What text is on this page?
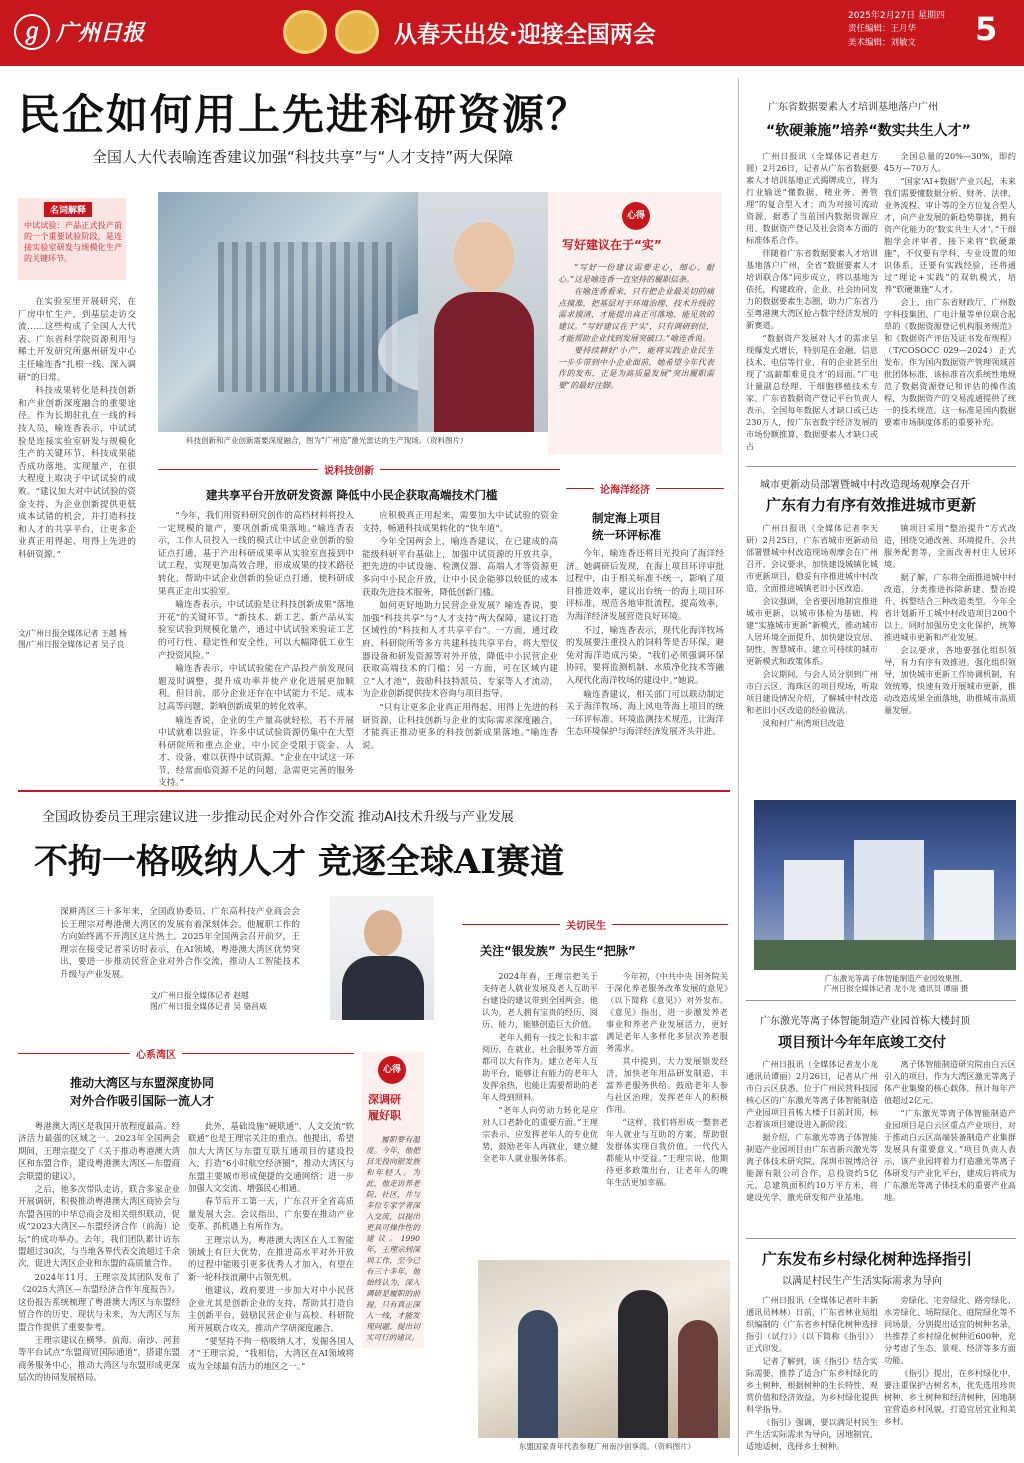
ℊ 广州日报	从春天出发·迎接全国两会
2025年2月27日 星期四
责任编辑：王月华
美术编辑：刘敏文 5
民企如何用上先进科研资源？
全国人大代表喻连香建议加强“科技共享”与“人才支持”两大保障
名词解释
中试试验：产品正式投产前的一个重要试验阶段，是连接实验室研发与规模化生产的关键环节。

在实验室里开展研究，在厂房中忙生产，到基层走访交流……这些构成了全国人大代表、广东省科学院资源利用与稀土开发研究所惠州研发中心主任喻连香“扎根一线、深入调研”的日常。

科技成果转化是科技创新和产业创新深度融合的重要途径。作为长期驻扎在一线的科技人员，喻连香表示，中试试验是连接实验室研发与规模化生产的关键环节，科技成果能否成功落地，实现量产，在很大程度上取决于中试试验的成败。“建议加大对中试试验的资金支持，为企业创新提供更低成本试错的机会，并打造科技和人才的共享平台，让更多企业真正用得起、用得上先进的科研资源。”

文/广州日报全媒体记者 王越 杨
图/广州日报全媒体记者 吴子良
科技创新和产业创新需要深度融合，图为“广州造”激光雷达的生产现场。（资料图片）
心得
写好建议在于“实”

“写好一份建议需要走心、细心、耐心。”这是喻连香一直坚持的履职信条。

在喻连香看来，只有把企业最关切的痛点摸准，把基层对于环境治理、技术升级的需求摸清，才能提出真正可落地、能见效的建议。“写好建议在于‘实’，只有调研到位，才能帮助企业找到发展突破口。”喻连香说。

要持续耕好'小产'，能将实践企业民生一步步带到中小企业面前，她希望今年代表作的发布，正是为高质量发展“突出履职需要”的最好注脚。

说科技创新
建共享平台开放研发资源 降低中小民企获取高端技术门槛

“今年，我们用资料研究创作的高档材料将投入一定规模的量产，要巩创新成果落地。”喻连香表示，工作人员投入一线的模式让中试企业创新的验证点打通，基于产出科研成果率从实验室直接到中试工程，实现更加高效合理，形成成果的技术路径转化，帮助中试企业创新的验证点打通，使科研成果真正走出实验室。

喻连香表示，中试试验是让科技创新成果“落地开花”的关键环节。“新技术、新工艺、新产品从实验室试验到规模化量产，通过中试试验来验证工艺的可行性、稳定性和安全性，可以大幅降低工业生产投资风险。”

喻连香表示，中试试验能在产品投产前发现问题及时调整，提升成功率并使产业化进展更加顺利。但目前，部分企业还存在中试能力不足、成本过高等问题，影响创新成果的转化效率。

喻连香说，企业的生产量高就轻松，若不开展中试就难以验证，许多中试试验资源仍集中在大型科研院所和重点企业，中小民企受限于资金、人才、设备，难以获得中试资源。“企业在中试这一环节，经常面临资源不足的问题，急需更完善的服务支持。”

应积极真正用起来，需要加大中试试验的资金支持，畅通科技成果转化的“快车道”。

今年全国两会上，喻连香建议，在已建成的高能级科研平台基础上，加强中试资源的开放共享，把先进的中试设施、检测仪器、高端人才等资源更多向中小民企开放，让中小民企能够以较低的成本获取先进技术服务，降低创新门槛。

如何更好地助力民营企业发展？喻连香说，要加强“科技共享”与“人才支持”两大保障，建议打造区域性的“科技和人才共享平台”。一方面，通过政府、科研院所等多方共建科技共享平台，将大型仪器设备和研发资源等对外开放，降低中小民营企业获取高端技术的门槛；另一方面，可在区域内建立“人才池”，鼓励科技特派员、专家等人才流动，为企业创新提供技术咨询与项目指导。

“只有让更多企业真正用得起、用得上先进的科研资源，让科技创新与企业的实际需求深度融合，才能真正推动更多的科技创新成果落地。”喻连香说。

论海洋经济
制定海上项目
统一环评标准

今年，喻连香还将目光投向了海洋经济。她调研后发现，在海上项目环评审批过程中，由于相关标准不统一，影响了项目推进效率，建议出台统一的海上项目环评标准，规范各地审批流程，提高效率，为海洋经济发展营造良好环境。

不过，喻连香表示，现代化海洋牧场的发展要注重投入的饲料等是否环保，避免对海洋造成污染。“我们必须强调环保协同，要将监测机制、水质净化技术等融入现代化海洋牧场的建设中。”她说。

喻连香建议，相关部门可以联动制定关于海洋牧场、海上风电等海上项目的统一环评标准、环境监测技术规范，让海洋生态环境保护与海洋经济发展齐头并进。

广东省数据要素人才培训基地落户广州
“软硬兼施”培养“数实共生人才”

广州日报讯（全媒体记者赵方圆）2月26日，记者从广东省数据要素人才培训基地正式揭牌成立，将为行业输送“懂数据、精业务、善管理”的复合型人才；而为对接可流动资源，据悉了当前国内数据资源应用、数据资产登记及社会资本方面的标准体系合作。

伴随着广东省数据要素人才培训基地落户广州，全省“数据要素人才培训联合体”同步成立，将以基地为依托，构建政府、企业、社会协同发力的数据要素生态圈，助力广东省乃至粤港澳大湾区抢占数字经济发展的新赛道。

“数据资产发展对人才的需求呈现爆发式增长，特别是在金融、信息技术、电信等行业，有的企业甚至出现了‘高薪都难觅良才’的局面。”广电计量副总经理、干细胞移植技术专家、广东省数据资产登记平台负责人表示，全国每年数据人才缺口或已达230万人，按广东省数字经济发展的市场份额推算，数据要素人才缺口或占

全国总量的20%—30%，即约45万—70万人。

“国家‘AI+数据’产业兴起，未来我们需要懂数据分析、财务、法律、业务流程、审计等的全方位复合型人才，向产业发展的新趋势靠拢，拥有资产化能力的‘数实共生人才’。”干细胞学会评审者，接下来将“软硬兼施”，不仅要有学科、专业设置的知识体系，还要有实践经验，还将通过“理论+实践”的双轨模式，培养“软硬兼施”人才。

会上，由广东省财政厅、广州数字科技集团、广电计量等单位联合起草的《数据资源登记机构服务规范》和《数据资产评估及证书发布规程》（T/COSOCC 029—2024）正式发布。作为国内数据资产管理领域首批团体标准，该标准首次系统性地规范了数据资源登记和评估的操作流程，为数据资产的交易流通提供了统一的技术规范。这一标准是国内数据要素市场制度体系的重要补充。

城市更新动员部署暨城中村改造现场观摩会召开
广东有力有序有效推进城市更新

广州日报讯（全媒体记者李天研）2月25日，广东省城市更新动员部署暨城中村改造现场观摩会在广州召开。会议要求，加快建设城镇化城市更新项目，稳妥有序推进城中村改造，全面推进城镇老旧小区改造。

会议强调，全省要因地制宜推进城市更新，以城市体检为基础，构建“实施城市更新”新模式，推动城市人居环境全面提升，加快建设宜居、韧性、智慧城市。建立可持续的城市更新模式和政策体系。

会议期间，与会人员分别到广州市白云区、海珠区的项目现场，听取项目建设情况介绍，了解城中村改造和老旧小区改造的经验做法。

凤和村广州湾项目改造

镇项目采用“整治提升”方式改造，围绕交通改善、环境提升、公共服务配套等，全面改善村庄人居环境。

据了解，广东将全面推进城中村改造，分类推进拆除新建、整治提升、拆整结合三种改造类型。今年全省计划新开工城中村改造项目200个以上，同时加强历史文化保护，统筹推进城市更新和产业发展。

会议要求，各地要强化组织领导，有力有序有效推进。强化组织领导，加快城市更新工作协调机制，有效统筹，快速有效开展城市更新，推动改造成果全面落地，助推城市高质量发展。

广东激光等离子体智能制造产业园效果图。
广州日报全媒体记者 龙小龙 通讯员 谭丽 摄
全国政协委员王理宗建议进一步推动民企对外合作交流 推动AI技术升级与产业发展
不拘一格吸纳人才 竞逐全球AI赛道
深耕湾区三十多年来，全国政协委员、广东高科技产业商会会长王理宗对粤港澳大湾区的发展有着深刻体会。他履职工作的方向始终离不开湾区这片热土。2025年全国两会召开前夕，王理宗在接受记者采访时表示，在AI领域，粤港澳大湾区优势突出，要进一步推动民营企业对外合作交流，推动人工智能技术升级与产业发展。
文/广州日报全媒体记者 赵越
图/广州日报全媒体记者 吴 骆昌威
关切民生
关注“银发族” 为民生“把脉”

2024年春，王理宗把关于支持老人就业发展及老人互助平台建设的建议带到全国两会。他认为，老人拥有宝贵的经历、阅历、能力，能够创造巨大价值。

老年人拥有一技之长和丰富阅历，在就业、社会服务等方面都可以大有作为。建立老年人互助平台，能够让有能力的老年人发挥余热，也能让需要帮助的老年人得到照料。

“老年人向劳动力转化是应对人口老龄化的重要方面。”王理宗表示，应发挥老年人的专业优势，鼓励老年人再就业，建立健全老年人就业服务体系。

今年初，《中共中央 国务院关于深化养老服务改革发展的意见》（以下简称《意见》）对外发布。《意见》指出，进一步激发养老事业和养老产业发展活力，更好满足老年人多样化多层次养老服务需求。

其中提到，大力发展银发经济，加快老年用品研发制造，丰富养老服务供给。鼓励老年人参与社区治理，发挥老年人的积极作用。

“这样，我们将形成一整套老年人就业与互助的方案，帮助银发群体实现自我价值，一代代人都能从中受益。”王理宗说，他期待更多政策出台，让老年人的晚年生活更加幸福。

心得
深调研
履好职
履职要有温度。今年，他把目光投向银发族和年轻人。为此，他走访养老院、社区，并与多位专家学者深入交流，以提出更具可操作性的建议。1990年，王理宗到深圳工作，至今已有三十多年，他始终认为，深入调研是履职的前提，只有真正深入一线，才能发现问题、提出切实可行的建议。
心系湾区
推动大湾区与东盟深度协同
对外合作吸引国际一流人才

粤港澳大湾区是我国开放程度最高、经济活力最强的区域之一。2023年全国两会期间，王理宗提交了《关于推动粤港澳大湾区和东盟合作，建设粤港澳大湾区—东盟商会联盟的建议》。

之后，他多次带队走访，联合多家企业开展调研，积极推动粤港澳大湾区商协会与东盟各国的中华总商会及相关组织联动，促成“2023大湾区—东盟经济合作（前海）论坛”的成功举办。去年，我们团队累计访东盟超过30次，与当地各界代表交流超过千余次，促进大湾区企业和东盟的高质量合作。

2024年11月，王理宗及其团队发布了《2025大湾区—东盟经济合作年度报告》。这份报告系统梳理了粤港澳大湾区与东盟经贸合作的历史、现状与未来，为大湾区与东盟合作提供了重要参考。

王理宗建议在横琴、前海、南沙、河套等平台试点“东盟商贸国际通道”，搭建东盟商务服务中心，推动大湾区与东盟形成更深层次的协同发展格局。

此外，基础设施“硬联通”、人文交流“软联通”也是王理宗关注的重点。他提出，希望加大大湾区与东盟互联互通项目的建设投入，打造“6小时航空经济圈”，推动大湾区与东盟主要城市形成便捷的交通网络；进一步加强人文交流、增强民心相通。

春节后开工第一天，广东召开全省高质量发展大会。会议指出，广东要在推动产业变革、抓机遇上有所作为。

王理宗认为，粤港澳大湾区在人工智能领域上有巨大优势，在推进高水平对外开放的过程中能吸引更多优秀人才加入，有望在新一轮科技浪潮中占领先机。

他建议，政府要进一步加大对中小民营企业尤其是创新企业的支持，帮助其打造自主创新平台，鼓励民营企业与高校、科研院所开展联合攻关，推动产学研深度融合。

“要坚持不拘一格吸纳人才，发掘各国人才”王理宗说，“我相信，大湾区在AI领域将成为全球最有活力的地区之一。”

东盟国家青年代表参观广州南沙创享湾。（资料图片）
广东激光等离子体智能制造产业园首栋大楼封顶
项目预计今年年底竣工交付

广州日报讯（全媒体记者龙小龙 通讯员谭丽）2月26日，记者从广州市白云区获悉，位于广州民营科技园核心区的广东激光等离子体智能制造产业园项目首栋大楼于日前封顶，标志着该项目建设进入新阶段。

据介绍，广东激光等离子体智能制造产业园项目由广东省新兴激光等离子体技术研究院、深圳市锐博洽谷能源有限公司合作，总投资约5亿元，总建筑面积约10万平方米，将建设光学、激光研发和产业基地。

离子体智能制造研究院由白云区引入的项目，作为大湾区激光等离子体产业集聚的核心载体，预计每年产值超过2亿元。

“广东激光等离子体智能制造产业园项目是白云区重点产业项目，对于推动白云区高端装备制造产业集群发展具有重要意义。”项目负责人表示，该产业园将着力打造激光等离子体研发与产业化平台，建成后将成为广东激光等离子体技术的重要产业高地。

广东发布乡村绿化树种选择指引
以满足村民生产生活实际需求为导向

广州日报讯（全媒体记者叶丰新 通讯员林林）日前，广东省林业局组织编制的《广东省乡村绿化树种选择指引（试行）》（以下简称《指引》）正式印发。

记者了解到，该《指引》结合实际需要，推荐了适合广东乡村绿化的乡土树种，根据树种的生长特性、观赏价值和经济效益，为乡村绿化提供科学指导。

《指引》强调，要以满足村民生产生活实际需求为导向，因地制宜、适地适树，选择乡土树种。

旁绿化、宅旁绿化、路旁绿化、水旁绿化、场院绿化、庭院绿化等不同场景，分别提出适宜的树种名录，共推荐了乡村绿化树种近600种，充分考虑了生态、景观、经济等多方面功能。

《指引》提出，在乡村绿化中，要注重保护古树名木，优先选用珍贵树种、乡土树种和经济树种，因地制宜营造乡村风貌，打造宜居宜业和美乡村。
